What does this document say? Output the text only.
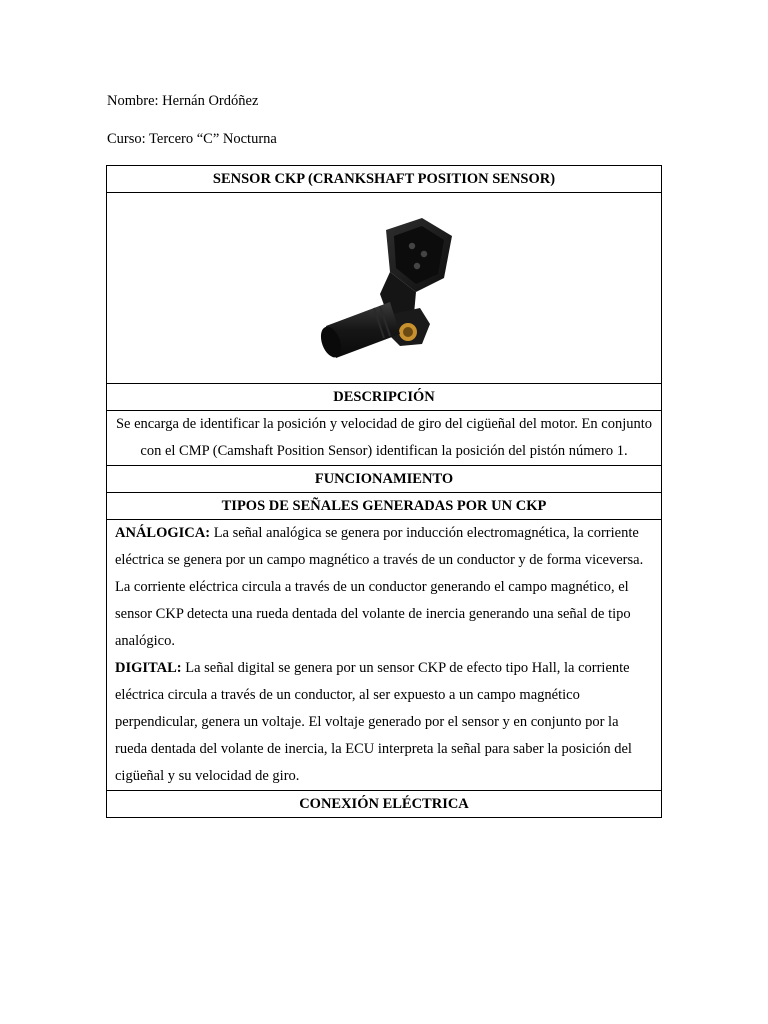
Nombre: Hernán Ordóñez

Curso: Tercero “C” Nocturna

SENSOR CKP (CRANKSHAFT POSITION SENSOR)

DESCRIPCIÓN
Se encarga de identificar la posición y velocidad de giro del cigüeñal del motor. En conjunto con el CMP (Camshaft Position Sensor) identifican la posición del pistón número 1.
FUNCIONAMIENTO
TIPOS DE SEÑALES GENERADAS POR UN CKP

ANÁLOGICA: La señal analógica se genera por inducción electromagnética, la corriente eléctrica se genera por un campo magnético a través de un conductor y de forma viceversa. La corriente eléctrica circula a través de un conductor generando el campo magnético, el sensor CKP detecta una rueda dentada del volante de inercia generando una señal de tipo analógico.
DIGITAL: La señal digital se genera por un sensor CKP de efecto tipo Hall, la corriente eléctrica circula a través de un conductor, al ser expuesto a un campo magnético perpendicular, genera un voltaje. El voltaje generado por el sensor y en conjunto por la rueda dentada del volante de inercia, la ECU interpreta la señal para saber la posición del cigüeñal y su velocidad de giro.

CONEXIÓN ELÉCTRICA
